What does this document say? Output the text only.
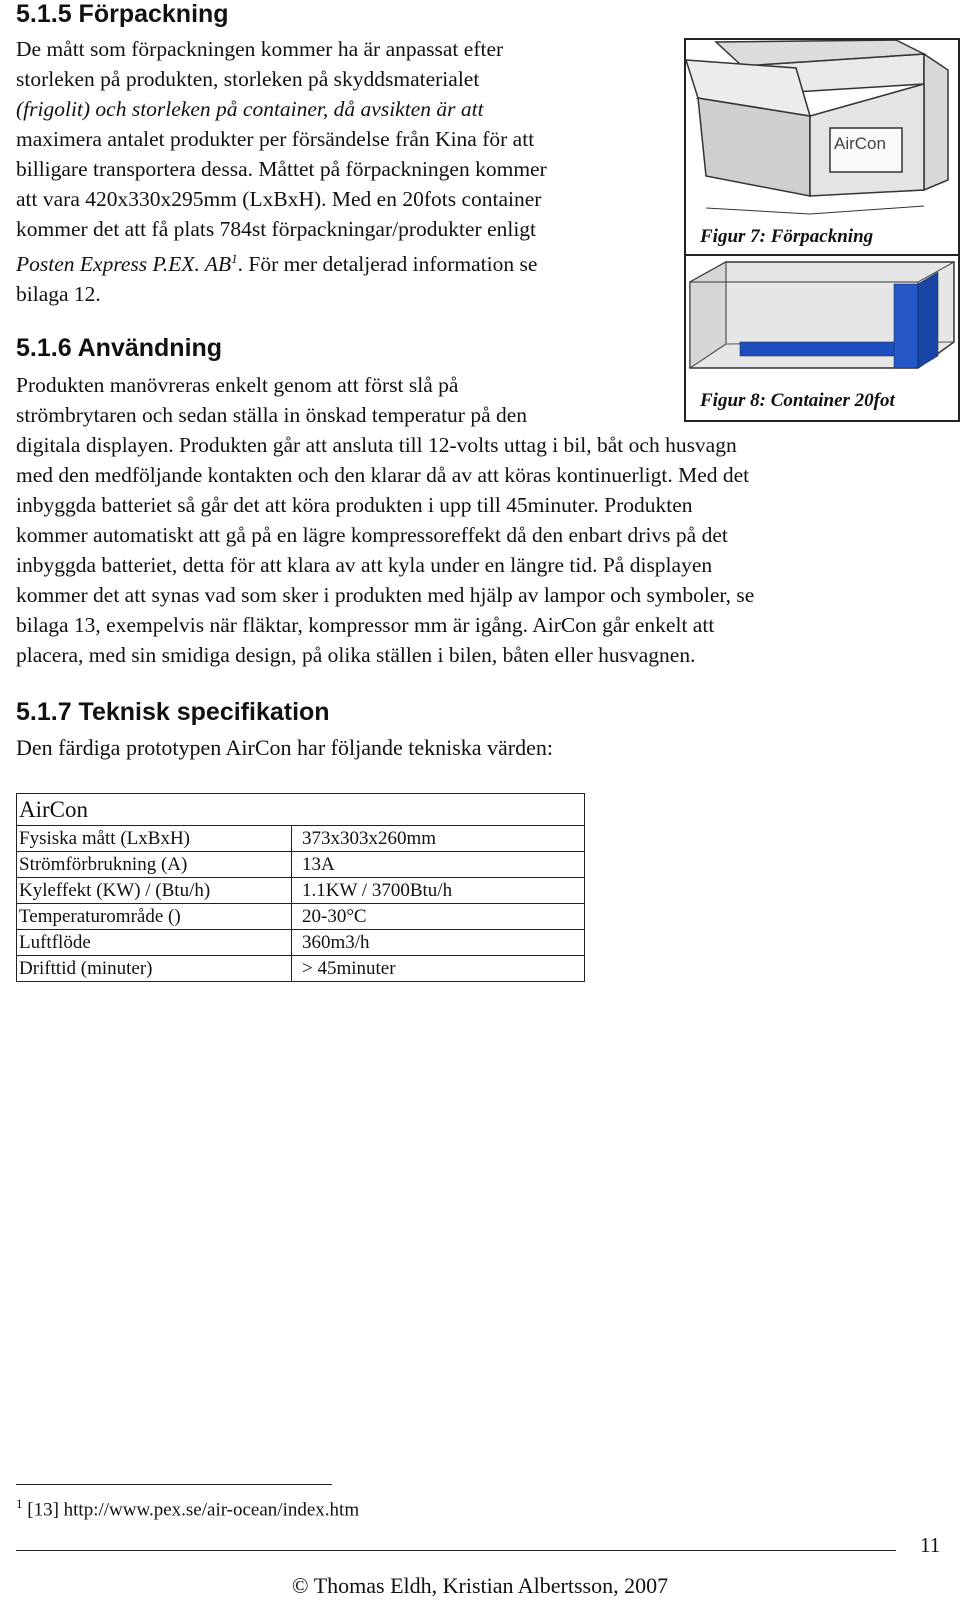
5.1.5 Förpackning

De mått som förpackningen kommer ha är anpassat efter
storleken på produkten, storleken på skyddsmaterialet
(frigolit) och storleken på container, då avsikten är att
maximera antalet produkter per försändelse från Kina för att
billigare transportera dessa. Måttet på förpackningen kommer
att vara 420x330x295mm (LxBxH). Med en 20fots container
kommer det att få plats 784st förpackningar/produkter enligt
Posten Express P.EX. $AB^1$. För mer detaljerad information se
bilaga 12.

AirCon
Figur 7: Förpackning
Figur 8: Container 20fot
5.1.6 Användning

Produkten manövreras enkelt genom att först slå på
strömbrytaren och sedan ställa in önskad temperatur på den
digitala displayen. Produkten går att ansluta till 12-volts uttag i bil, båt och husvagn
med den medföljande kontakten och den klarar då av att köras kontinuerligt. Med det
inbyggda batteriet så går det att köra produkten i upp till 45minuter. Produkten
kommer automatiskt att gå på en lägre kompressoreffekt då den enbart drivs på det
inbyggda batteriet, detta för att klara av att kyla under en längre tid. På displayen
kommer det att synas vad som sker i produkten med hjälp av lampor och symboler, se
bilaga 13, exempelvis när fläktar, kompressor mm är igång. AirCon går enkelt att
placera, med sin smidiga design, på olika ställen i bilen, båten eller husvagnen.

5.1.7 Teknisk specifikation

Den färdiga prototypen AirCon har följande tekniska värden:

AirCon	
Fysiska mått (LxBxH)	373x303x260mm
Strömförbrukning (A)	13A
Kyleffekt (KW) / (Btu/h)	1.1KW / 3700Btu/h
Temperaturområde ()	20-30°C
Luftflöde	360m3/h
Drifttid (minuter)	> 45minuter
$^1$ [13] http://www.pex.se/air-ocean/index.htm
11
© Thomas Eldh, Kristian Albertsson, 2007
